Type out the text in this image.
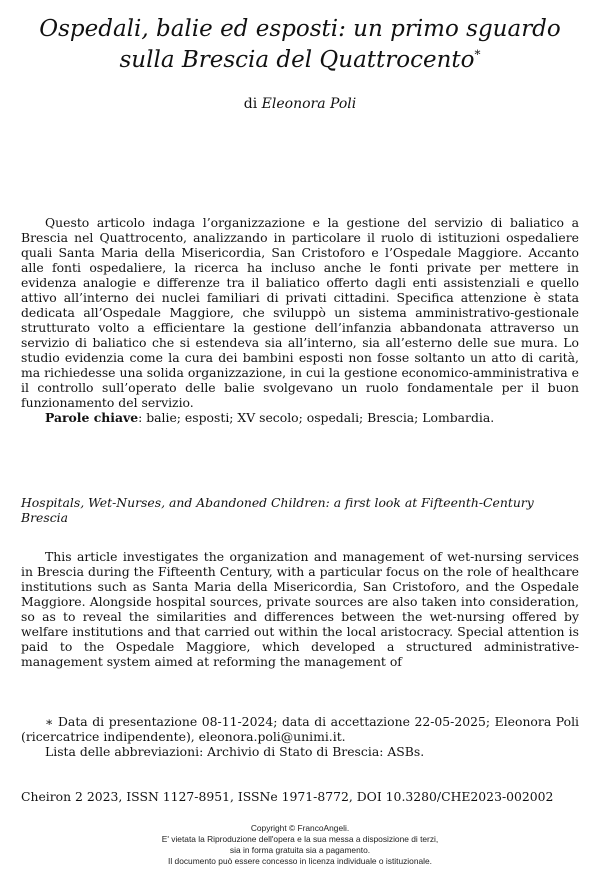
Ospedali, balie ed esposti: un primo sguardo
sulla Brescia del Quattrocento*
di Eleonora Poli

Questo articolo indaga l’organizzazione e la gestione del servizio di baliatico a Brescia nel Quattrocento, analizzando in particolare il ruolo di istituzioni ospedaliere quali Santa Maria della Misericordia, San Cristoforo e l’Ospedale Maggiore. Accanto alle fonti ospedaliere, la ricerca ha incluso anche le fonti private per mettere in evidenza analogie e differenze tra il baliatico offerto dagli enti assistenziali e quello attivo all’interno dei nuclei familiari di privati cittadini. Specifica attenzione è stata dedicata all’Ospedale Maggiore, che sviluppò un sistema amministrativo-gestionale strutturato volto a efficientare la gestione dell’infanzia abbandonata attraverso un servizio di baliatico che si estendeva sia all’interno, sia all’esterno delle sue mura. Lo studio evidenzia come la cura dei bambini esposti non fosse soltanto un atto di carità, ma richiedesse una solida organizzazione, in cui la gestione economico-amministrativa e il controllo sull’operato delle balie svolgevano un ruolo fondamentale per il buon funzionamento del servizio.

Parole chiave: balie; esposti; XV secolo; ospedali; Brescia; Lombardia.

Hospitals, Wet-Nurses, and Abandoned Children: a first look at Fifteenth-Century Brescia

This article investigates the organization and management of wet-nursing services in Brescia during the Fifteenth Century, with a particular focus on the role of healthcare institutions such as Santa Maria della Misericordia, San Cristoforo, and the Ospedale Maggiore. Alongside hospital sources, private sources are also taken into consideration, so as to reveal the similarities and differences between the wet-nursing offered by welfare institutions and that carried out within the local aristocracy. Special attention is paid to the Ospedale Maggiore, which developed a structured administrative-management system aimed at reforming the management of

∗ Data di presentazione 08-11-2024; data di accettazione 22-05-2025; Eleonora Poli (ricercatrice indipendente), eleonora.poli@unimi.it.

Lista delle abbreviazioni: Archivio di Stato di Brescia: ASBs.

Cheiron 2 2023, ISSN 1127-8951, ISSNe 1971-8772, DOI 10.3280/CHE2023-002002
Copyright © FrancoAngeli.
E' vietata la Riproduzione dell'opera e la sua messa a disposizione di terzi,
sia in forma gratuita sia a pagamento.
Il documento può essere concesso in licenza individuale o istituzionale.
